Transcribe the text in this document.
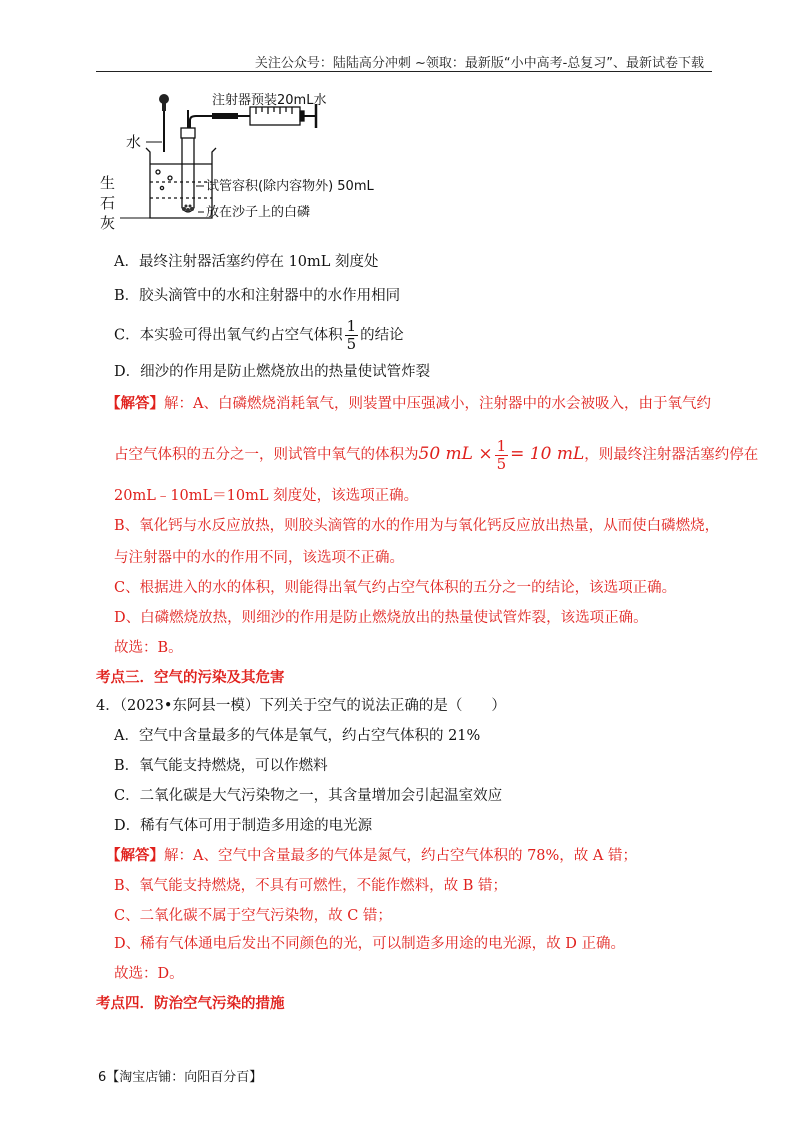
关注公众号：陆陆高分冲刺 ~领取：最新版“小中高考-总复习”、最新试卷下载
水
生
石
灰
注射器预装20mL水
试管容积(除内容物外) 50mL
放在沙子上的白磷
A．最终注射器活塞约停在 10mL 刻度处
B．胶头滴管中的水和注射器中的水作用相同
C．本实验可得出氧气约占空气体积 $\frac{1}{5}$ 的结论
D．细沙的作用是防止燃烧放出的热量使试管炸裂
【解答】解：A、白磷燃烧消耗氧气，则装置中压强减小，注射器中的水会被吸入，由于氧气约
占空气体积的五分之一，则试管中氧气的体积为50 mL × $\frac{1}{5} = 10$ mL，则最终注射器活塞约停在
20mL﹣10mL＝10mL 刻度处，该选项正确。
B、氧化钙与水反应放热，则胶头滴管的水的作用为与氧化钙反应放出热量，从而使白磷燃烧，
与注射器中的水的作用不同，该选项不正确。
C、根据进入的水的体积，则能得出氧气约占空气体积的五分之一的结论，该选项正确。
D、白磷燃烧放热，则细沙的作用是防止燃烧放出的热量使试管炸裂，该选项正确。
故选：B。
考点三．空气的污染及其危害
4．（2023•东阿县一模）下列关于空气的说法正确的是（　　）
A．空气中含量最多的气体是氧气，约占空气体积的 21%
B．氧气能支持燃烧，可以作燃料
C．二氧化碳是大气污染物之一，其含量增加会引起温室效应
D．稀有气体可用于制造多用途的电光源
【解答】解：A、空气中含量最多的气体是氮气，约占空气体积的 78%，故 A 错；
B、氧气能支持燃烧，不具有可燃性，不能作燃料，故 B 错；
C、二氧化碳不属于空气污染物，故 C 错；
D、稀有气体通电后发出不同颜色的光，可以制造多用途的电光源，故 D 正确。
故选：D。
考点四．防治空气污染的措施
6【淘宝店铺：向阳百分百】
